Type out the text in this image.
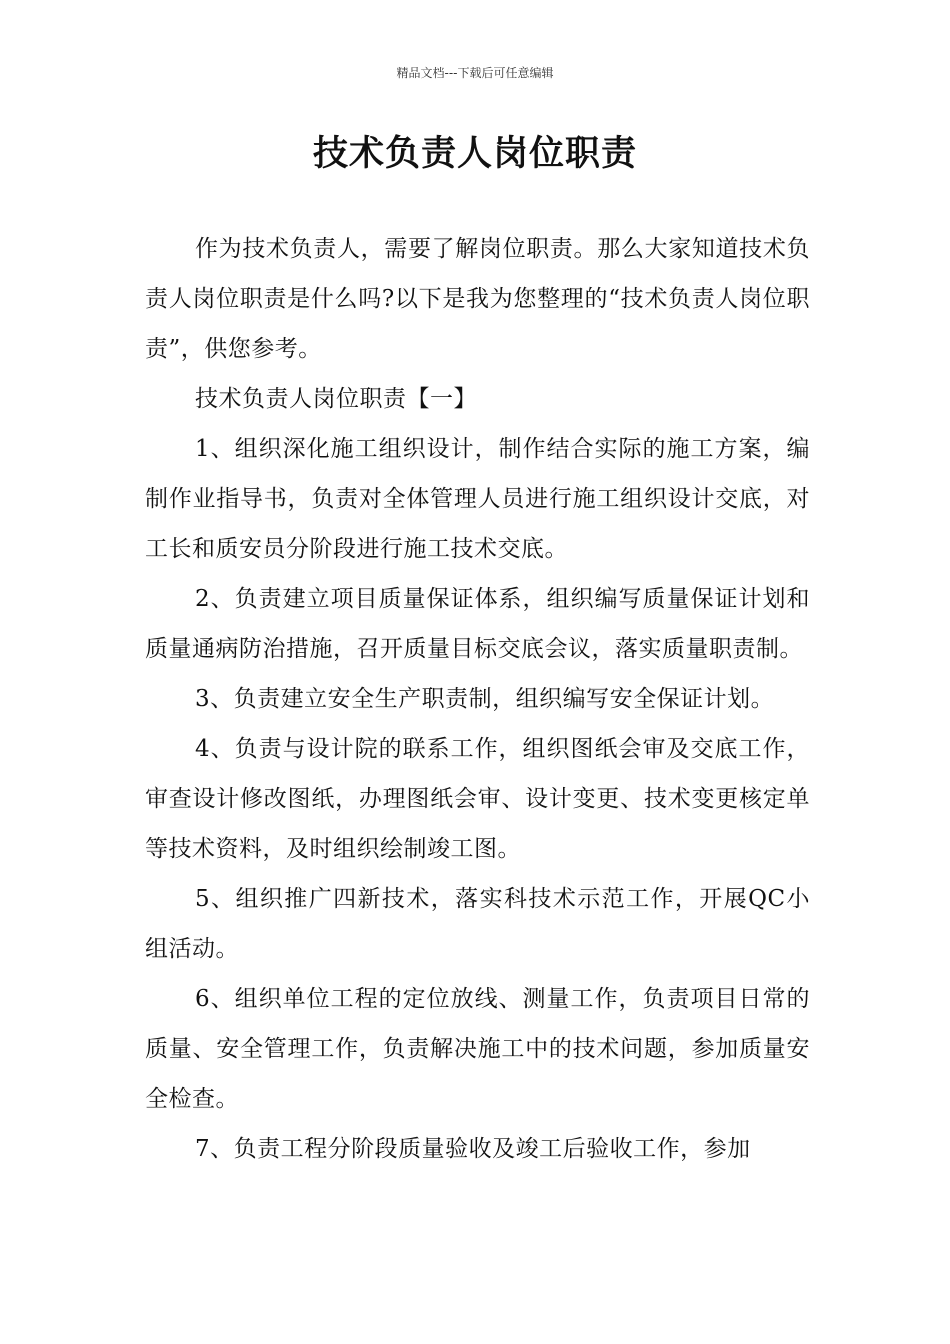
精品文档---下载后可任意编辑
技术负责人岗位职责

作为技术负责人，需要了解岗位职责。那么大家知道技术负责人岗位职责是什么吗?以下是我为您整理的“技术负责人岗位职责”，供您参考。

技术负责人岗位职责【一】

1、组织深化施工组织设计，制作结合实际的施工方案，编制作业指导书，负责对全体管理人员进行施工组织设计交底，对工长和质安员分阶段进行施工技术交底。

2、负责建立项目质量保证体系，组织编写质量保证计划和质量通病防治措施，召开质量目标交底会议，落实质量职责制。

3、负责建立安全生产职责制，组织编写安全保证计划。

4、负责与设计院的联系工作，组织图纸会审及交底工作，审查设计修改图纸，办理图纸会审、设计变更、技术变更核定单等技术资料，及时组织绘制竣工图。

5、组织推广四新技术，落实科技术示范工作，开展QC小组活动。

6、组织单位工程的定位放线、测量工作，负责项目日常的质量、安全管理工作，负责解决施工中的技术问题，参加质量安全检查。

7、负责工程分阶段质量验收及竣工后验收工作，参加
